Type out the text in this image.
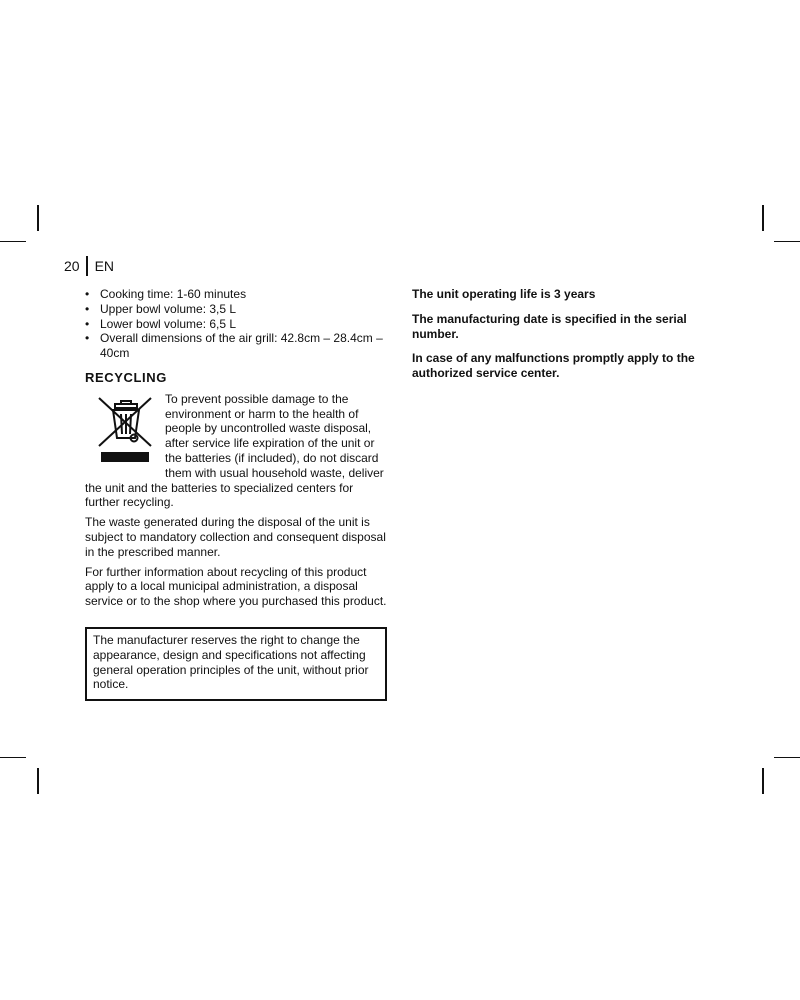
20	EN
• Cooking time: 1-60 minutes
• Upper bowl volume: 3,5 L
• Lower bowl volume: 6,5 L
• Overall dimensions of the air grill: 42.8cm – 28.4cm – 40cm
RECYCLING

To prevent possible damage to the environment or harm to the health of people by uncontrolled waste disposal, after service life expiration of the unit or the batteries (if included), do not discard them with usual household waste, deliver the unit and the batteries to specialized centers for further recycling.

The waste generated during the disposal of the unit is subject to mandatory collection and consequent disposal in the prescribed manner.

For further information about recycling of this product apply to a local municipal administration, a disposal service or to the shop where you purchased this product.

The manufacturer reserves the right to change the appearance, design and specifications not affecting general operation principles of the unit, without prior notice.

The unit operating life is 3 years

The manufacturing date is specified in the serial number.

In case of any malfunctions promptly apply to the authorized service center.
